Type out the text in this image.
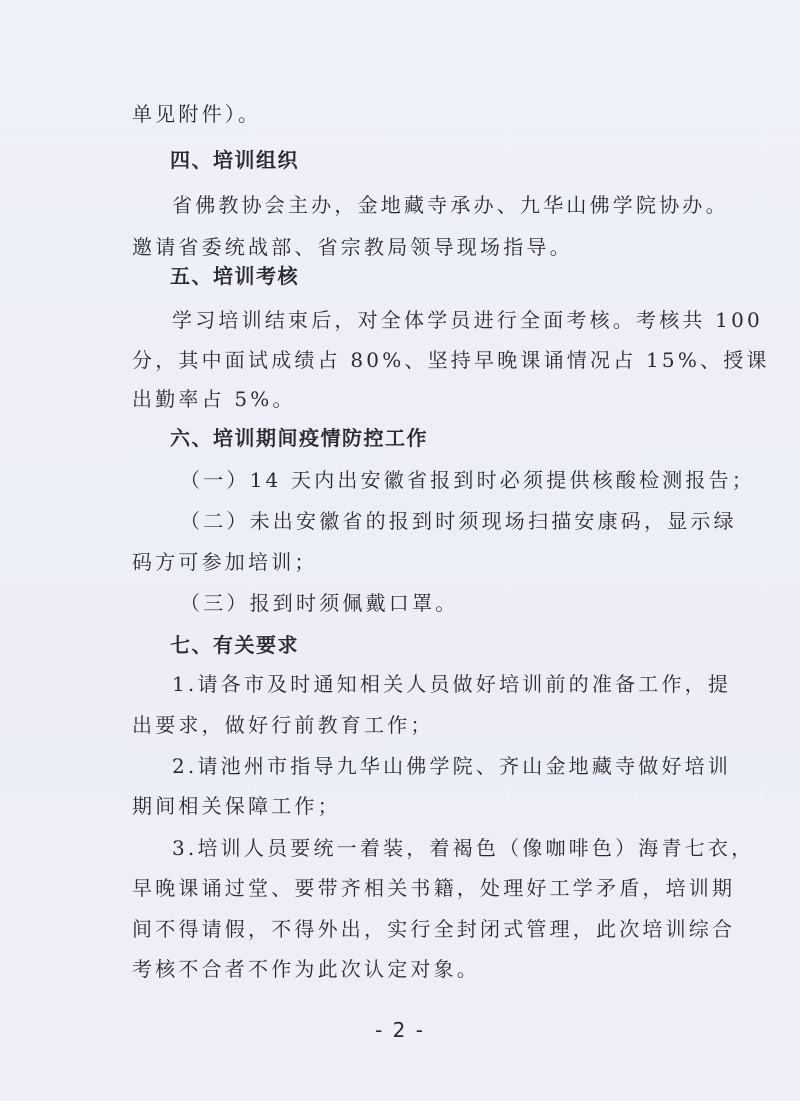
单见附件）。
四、培训组织
省佛教协会主办，金地藏寺承办、九华山佛学院协办。
邀请省委统战部、省宗教局领导现场指导。
五、培训考核
学习培训结束后，对全体学员进行全面考核。考核共 100
分，其中面试成绩占 80%、坚持早晚课诵情况占 15%、授课
出勤率占 5%。
六、培训期间疫情防控工作
（一）14 天内出安徽省报到时必须提供核酸检测报告；
（二）未出安徽省的报到时须现场扫描安康码，显示绿
码方可参加培训；
（三）报到时须佩戴口罩。
七、有关要求
1.请各市及时通知相关人员做好培训前的准备工作，提
出要求，做好行前教育工作；
2.请池州市指导九华山佛学院、齐山金地藏寺做好培训
期间相关保障工作；
3.培训人员要统一着装，着褐色（像咖啡色）海青七衣，
早晚课诵过堂、要带齐相关书籍，处理好工学矛盾，培训期
间不得请假，不得外出，实行全封闭式管理，此次培训综合
考核不合者不作为此次认定对象。
- 2 -
